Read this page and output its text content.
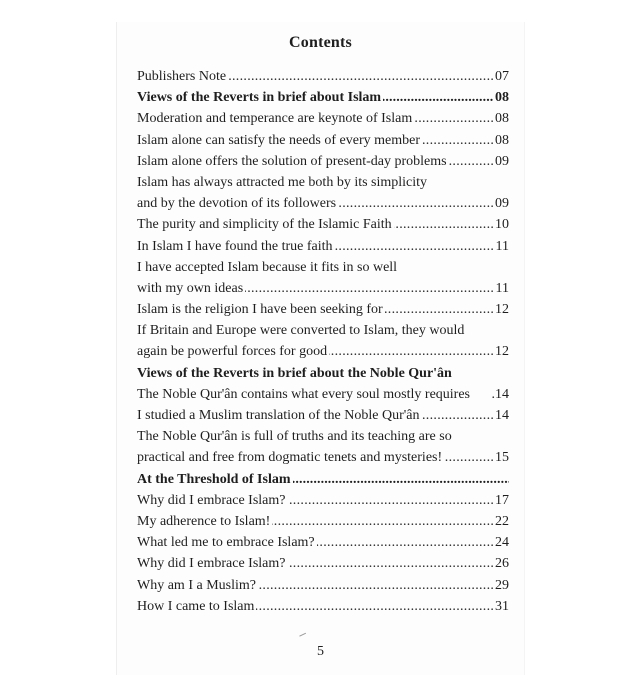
Contents
Publishers Note	07
. . .
Views of the Reverts in brief about Islam	08
. . .
Moderation and temperance are keynote of Islam	08
. . .
Islam alone can satisfy the needs of every member	08
. . .
Islam alone offers the solution of present-day problems	09
. . .
Islam has always attracted me both by its simplicity
and by the devotion of its followers	09
. . .
The purity and simplicity of the Islamic Faith	10
. . .
In Islam I have found the true faith	11
. . .
I have accepted Islam because it fits in so well
with my own ideas	11
. . .
Islam is the religion I have been seeking for	12
. . .
If Britain and Europe were converted to Islam, they would
again be powerful forces for good	12
. . .
Views of the Reverts in brief about the Noble Qur'ân
The Noble Qur'ân contains what every soul mostly requires .14
I studied a Muslim translation of the Noble Qur'ân	14
. . .
The Noble Qur'ân is full of truths and its teaching are so
practical and free from dogmatic tenets and mysteries!	15
. . .
At the Threshold of Islam . . .
Why did I embrace Islam?	17
. . .
My adherence to Islam!	22
. . .
What led me to embrace Islam?	24
. . .
Why did I embrace Islam?	26
. . .
Why am I a Muslim?	29
. . .
How I came to Islam	31
. . .
5
